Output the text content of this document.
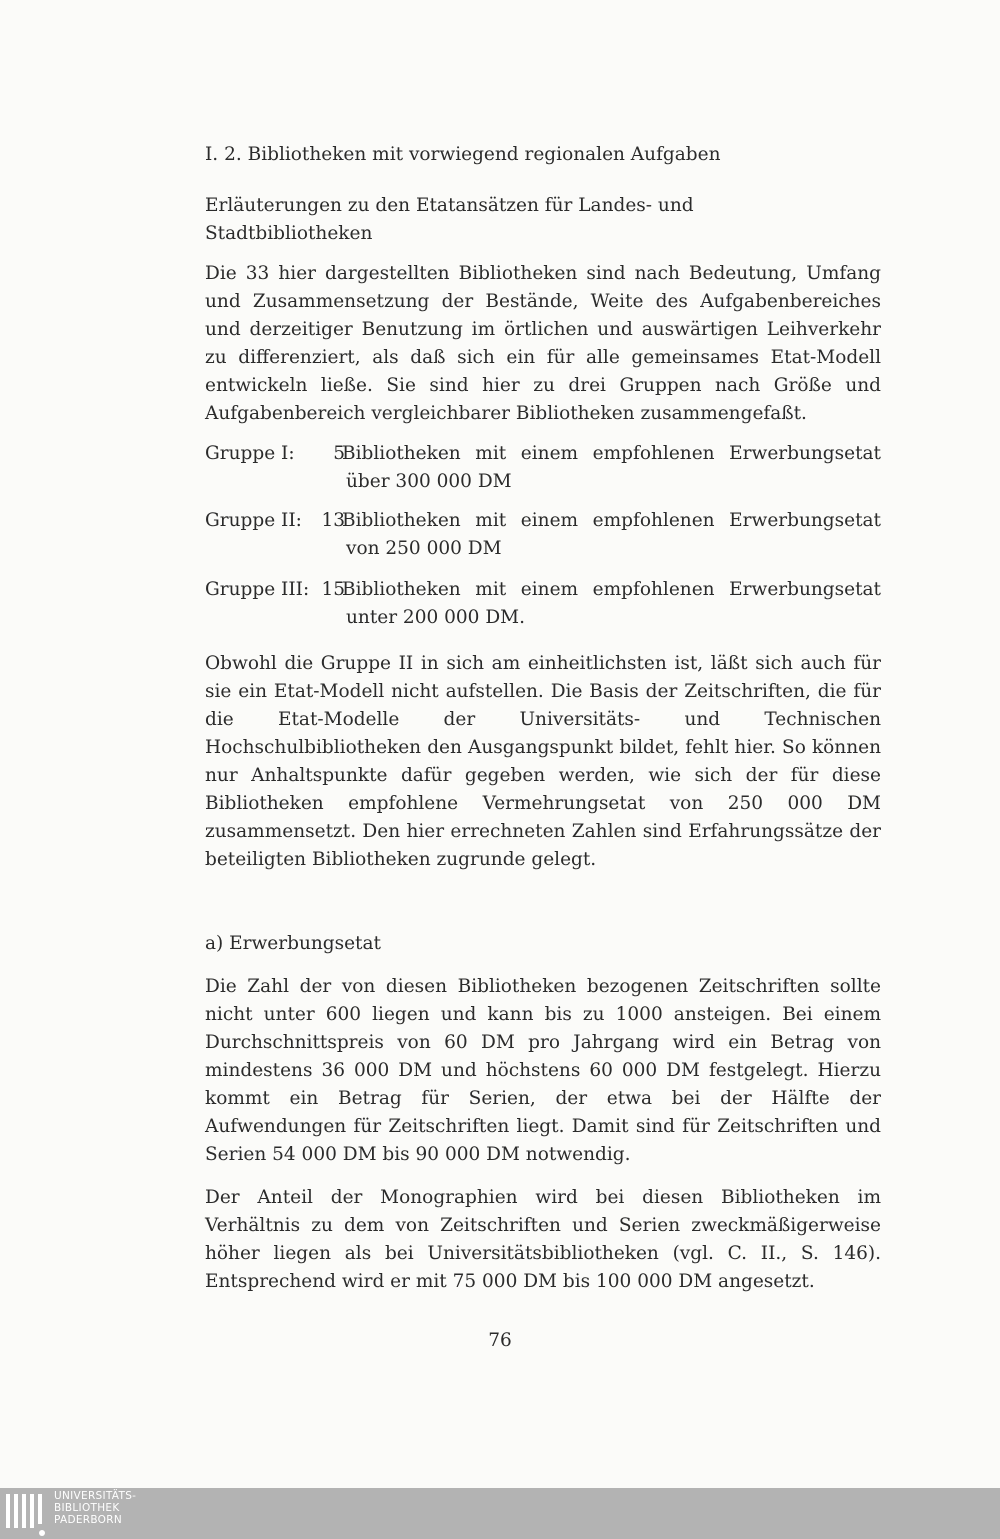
I. 2. Bibliotheken mit vorwiegend regionalen Aufgaben
Erläuterungen zu den Etatansätzen für Landes- und Stadtbibliotheken
Die 33 hier dargestellten Bibliotheken sind nach Bedeutung, Umfang und Zusammensetzung der Bestände, Weite des Aufgabenbereiches und derzeitiger Benutzung im örtlichen und auswärtigen Leihverkehr zu differenziert, als daß sich ein für alle gemeinsames Etat-Modell entwickeln ließe. Sie sind hier zu drei Gruppen nach Größe und Aufgabenbereich vergleichbarer Bibliotheken zusammengefaßt.
Gruppe I:	5
Bibliotheken mit einem empfohlenen Erwerbungsetat
über 300 000 DM
Gruppe II:	13
Bibliotheken mit einem empfohlenen Erwerbungsetat
von 250 000 DM
Gruppe III: 15
Bibliotheken mit einem empfohlenen Erwerbungsetat
unter 200 000 DM.
Obwohl die Gruppe II in sich am einheitlichsten ist, läßt sich auch für sie ein Etat-Modell nicht aufstellen. Die Basis der Zeitschriften, die für die Etat-Modelle der Universitäts- und Technischen Hochschulbibliotheken den Ausgangspunkt bildet, fehlt hier. So können nur Anhaltspunkte dafür gegeben werden, wie sich der für diese Bibliotheken empfohlene Vermehrungsetat von 250 000 DM zusammensetzt. Den hier errechneten Zahlen sind Erfahrungssätze der beteiligten Bibliotheken zugrunde gelegt.
a) Erwerbungsetat
Die Zahl der von diesen Bibliotheken bezogenen Zeitschriften sollte nicht unter 600 liegen und kann bis zu 1000 ansteigen. Bei einem Durchschnittspreis von 60 DM pro Jahrgang wird ein Betrag von mindestens 36 000 DM und höchstens 60 000 DM festgelegt. Hierzu kommt ein Betrag für Serien, der etwa bei der Hälfte der Aufwendungen für Zeitschriften liegt. Damit sind für Zeitschriften und Serien 54 000 DM bis 90 000 DM notwendig.
Der Anteil der Monographien wird bei diesen Bibliotheken im Verhältnis zu dem von Zeitschriften und Serien zweckmäßigerweise höher liegen als bei Universitätsbibliotheken (vgl. C. II., S. 146). Entsprechend wird er mit 75 000 DM bis 100 000 DM angesetzt.
76
UNIVERSITÄTS-
BIBLIOTHEK
PADERBORN
